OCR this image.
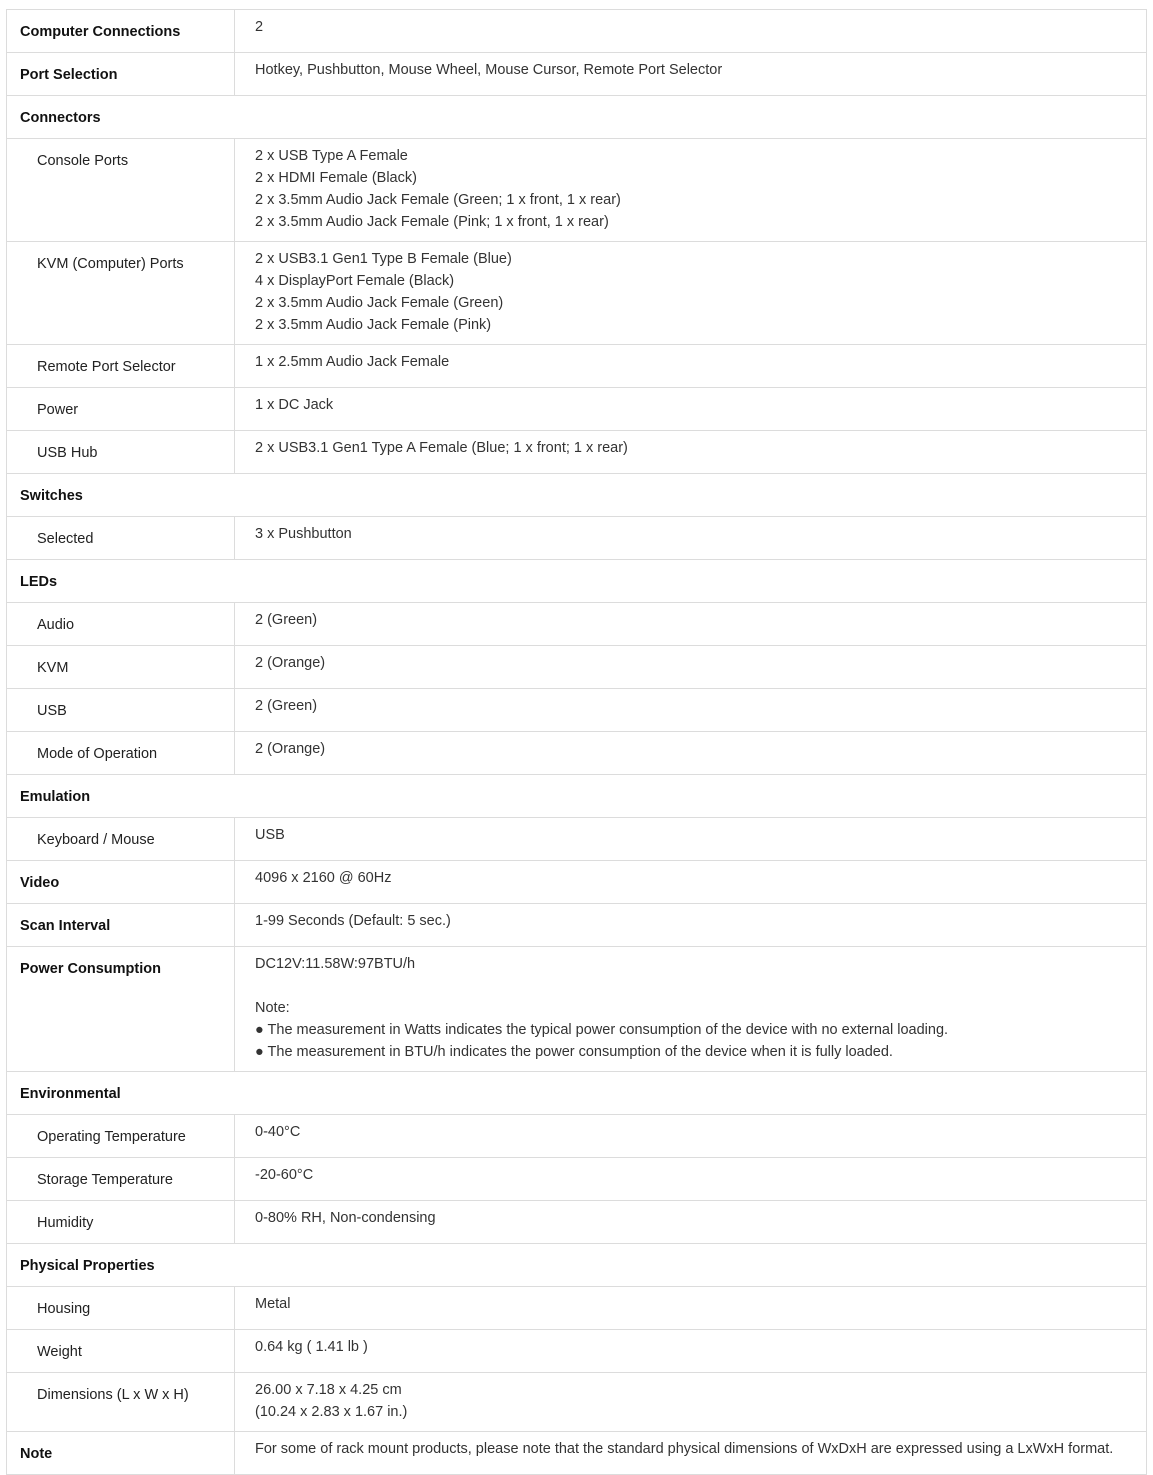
Computer Connections	2

Port Selection	Hotkey, Pushbutton, Mouse Wheel, Mouse Cursor, Remote Port Selector

Connectors	
Console Ports	2 x USB Type A Female
2 x HDMI Female (Black)
2 x 3.5mm Audio Jack Female (Green; 1 x front, 1 x rear)
2 x 3.5mm Audio Jack Female (Pink; 1 x front, 1 x rear)

KVM (Computer) Ports	2 x USB3.1 Gen1 Type B Female (Blue)
4 x DisplayPort Female (Black)
2 x 3.5mm Audio Jack Female (Green)
2 x 3.5mm Audio Jack Female (Pink)

Remote Port Selector	1 x 2.5mm Audio Jack Female

Power	1 x DC Jack

USB Hub	2 x USB3.1 Gen1 Type A Female (Blue; 1 x front; 1 x rear)

Switches	
Selected	3 x Pushbutton

LEDs	
Audio	2 (Green)

KVM	2 (Orange)

USB	2 (Green)

Mode of Operation	2 (Orange)

Emulation	
Keyboard / Mouse	USB

Video	4096 x 2160 @ 60Hz

Scan Interval	1-99 Seconds (Default: 5 sec.)

Power Consumption	DC12V:11.58W:97BTU/h
Note:
● The measurement in Watts indicates the typical power consumption of the device with no external loading.
● The measurement in BTU/h indicates the power consumption of the device when it is fully loaded.

Environmental	
Operating Temperature	0-40°C

Storage Temperature	-20-60°C

Humidity	0-80% RH, Non-condensing

Physical Properties	
Housing	Metal

Weight	0.64 kg ( 1.41 lb )

Dimensions (L x W x H)	26.00 x 7.18 x 4.25 cm
(10.24 x 2.83 x 1.67 in.)

Note	For some of rack mount products, please note that the standard physical dimensions of WxDxH are expressed using a LxWxH format.
